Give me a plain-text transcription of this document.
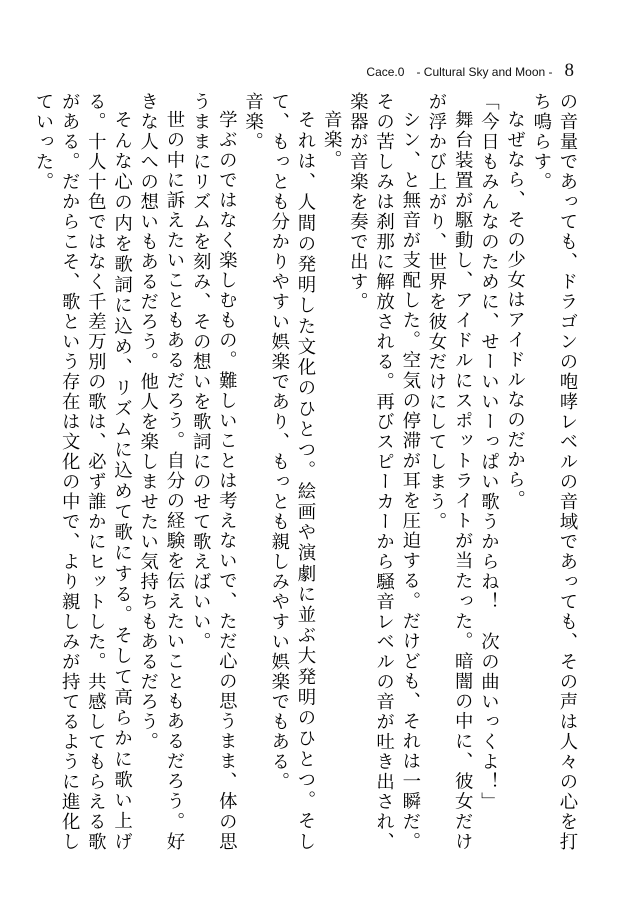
Cace.0　- Cultural Sky and Moon - 8

の音量であっても、ドラゴンの咆哮レベルの音域であっても、その声は人々の心を打ち鳴らす。

なぜなら、その少女はアイドルなのだから。

「今日もみんなのために、せーいいーっぱい歌うからね！　次の曲いっくよ！」

舞台装置が駆動し、アイドルにスポットライトが当たった。暗闇の中に、彼女だけが浮かび上がり、世界を彼女だけにしてしまう。

シン、と無音が支配した。空気の停滞が耳を圧迫する。だけども、それは一瞬だ。その苦しみは刹那に解放される。再びスピーカーから騒音レベルの音が吐き出され、楽器が音楽を奏で出す。

音楽。

それは、人間の発明した文化のひとつ。絵画や演劇に並ぶ大発明のひとつ。そして、もっとも分かりやすい娯楽であり、もっとも親しみやすい娯楽でもある。

音楽。

学ぶのではなく楽しむもの。難しいことは考えないで、ただ心の思うまま、体の思うままにリズムを刻み、その想いを歌詞にのせて歌えばいい。

世の中に訴えたいこともあるだろう。自分の経験を伝えたいこともあるだろう。好きな人への想いもあるだろう。他人を楽しませたい気持ちもあるだろう。

そんな心の内を歌詞に込め、リズムに込めて歌にする。そして高らかに歌い上げる。十人十色ではなく千差万別の歌は、必ず誰かにヒットした。共感してもらえる歌がある。だからこそ、歌という存在は文化の中で、より親しみが持てるように進化していった。
